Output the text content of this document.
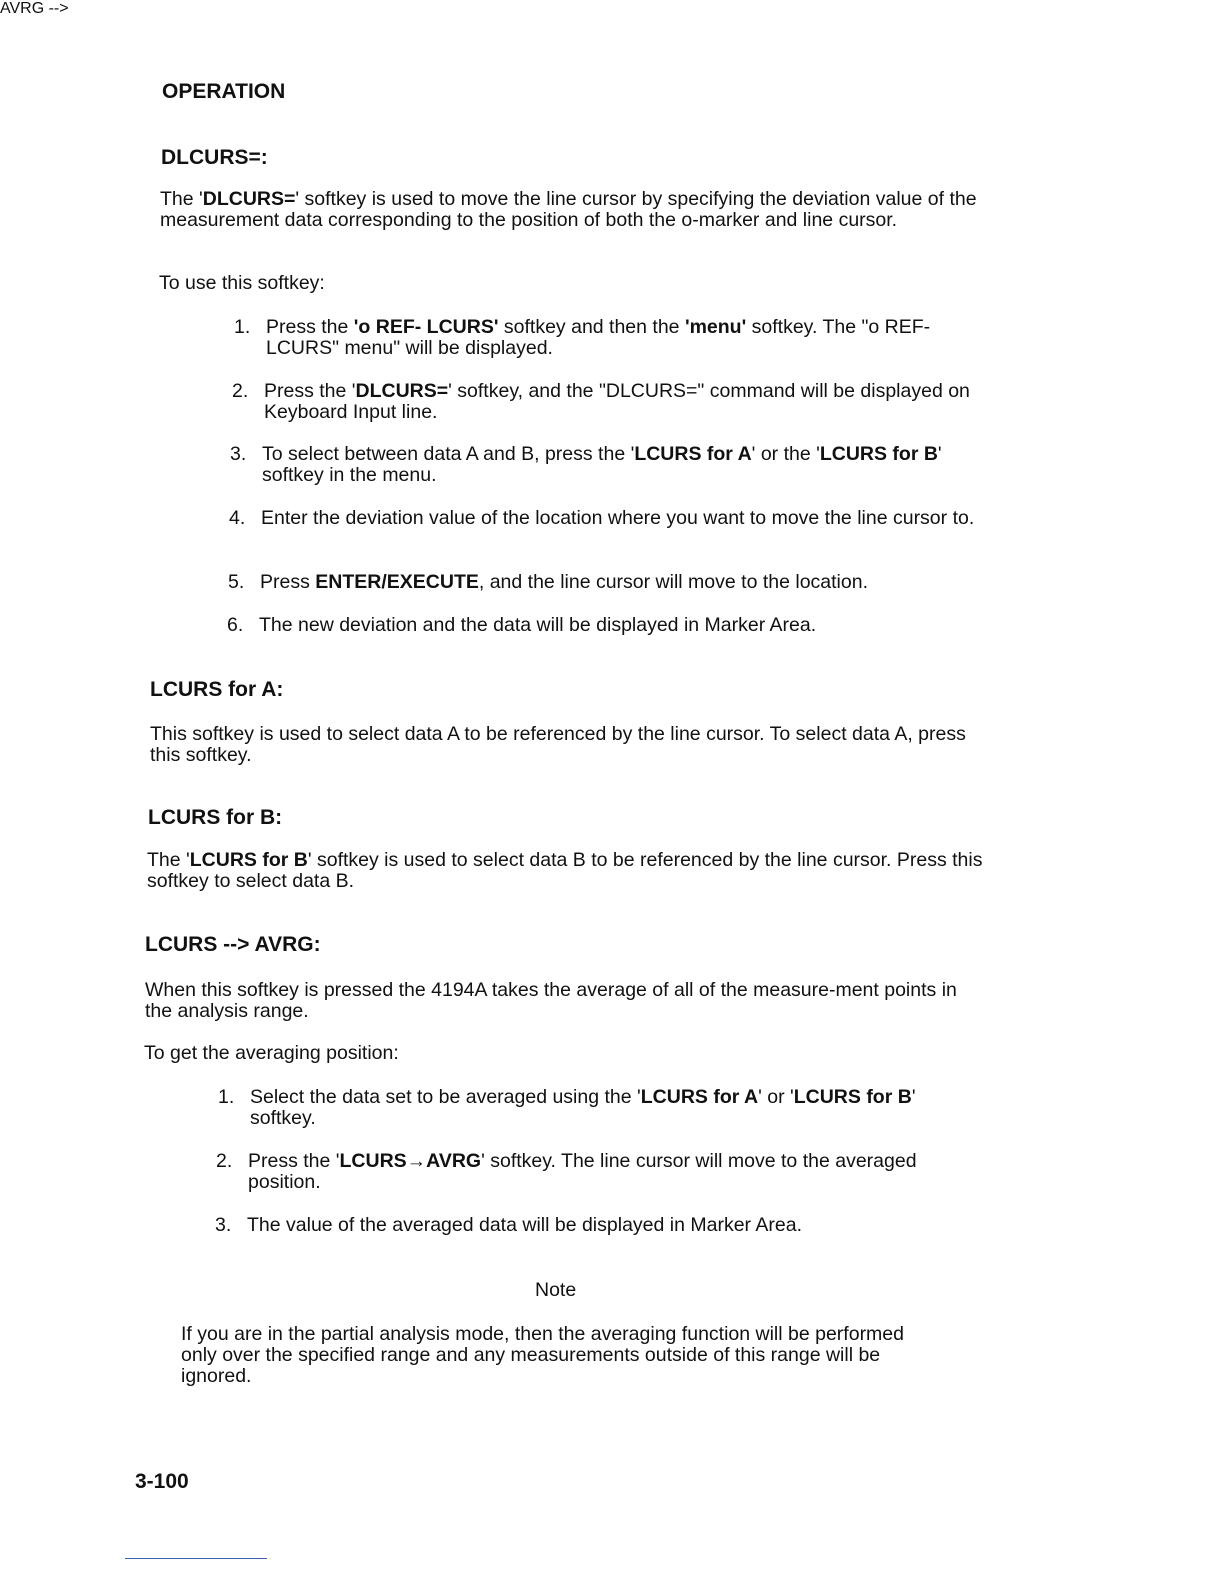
OPERATION
DLCURS=:
The 'DLCURS=' softkey is used to move the line cursor by specifying the deviation value of the measurement data corresponding to the position of both the o-marker and line cursor.
To use this softkey:
1. Press the 'o REF- LCURS' softkey and then the 'menu' softkey. The "o REF- LCURS" menu" will be displayed.
2. Press the 'DLCURS=' softkey, and the "DLCURS=" command will be displayed on Keyboard Input line.
3. To select between data A and B, press the 'LCURS for A' or the 'LCURS for B' softkey in the menu.
4. Enter the deviation value of the location where you want to move the line cursor to.
5. Press ENTER/EXECUTE, and the line cursor will move to the location.
6. The new deviation and the data will be displayed in Marker Area.
LCURS for A:
This softkey is used to select data A to be referenced by the line cursor. To select data A, press this softkey.
LCURS for B:
The 'LCURS for B' softkey is used to select data B to be referenced by the line cursor. Press this softkey to select data B.
AVRG -->
LCURS --> AVRG:
When this softkey is pressed the 4194A takes the average of all of the measure-ment points in the analysis range.
To get the averaging position:
1. Select the data set to be averaged using the 'LCURS for A' or 'LCURS for B' softkey.
2. Press the 'LCURS→AVRG' softkey. The line cursor will move to the averaged position.
3. The value of the averaged data will be displayed in Marker Area.
Note
If you are in the partial analysis mode, then the averaging function will be performed only over the specified range and any measurements outside of this range will be ignored.
3-100
